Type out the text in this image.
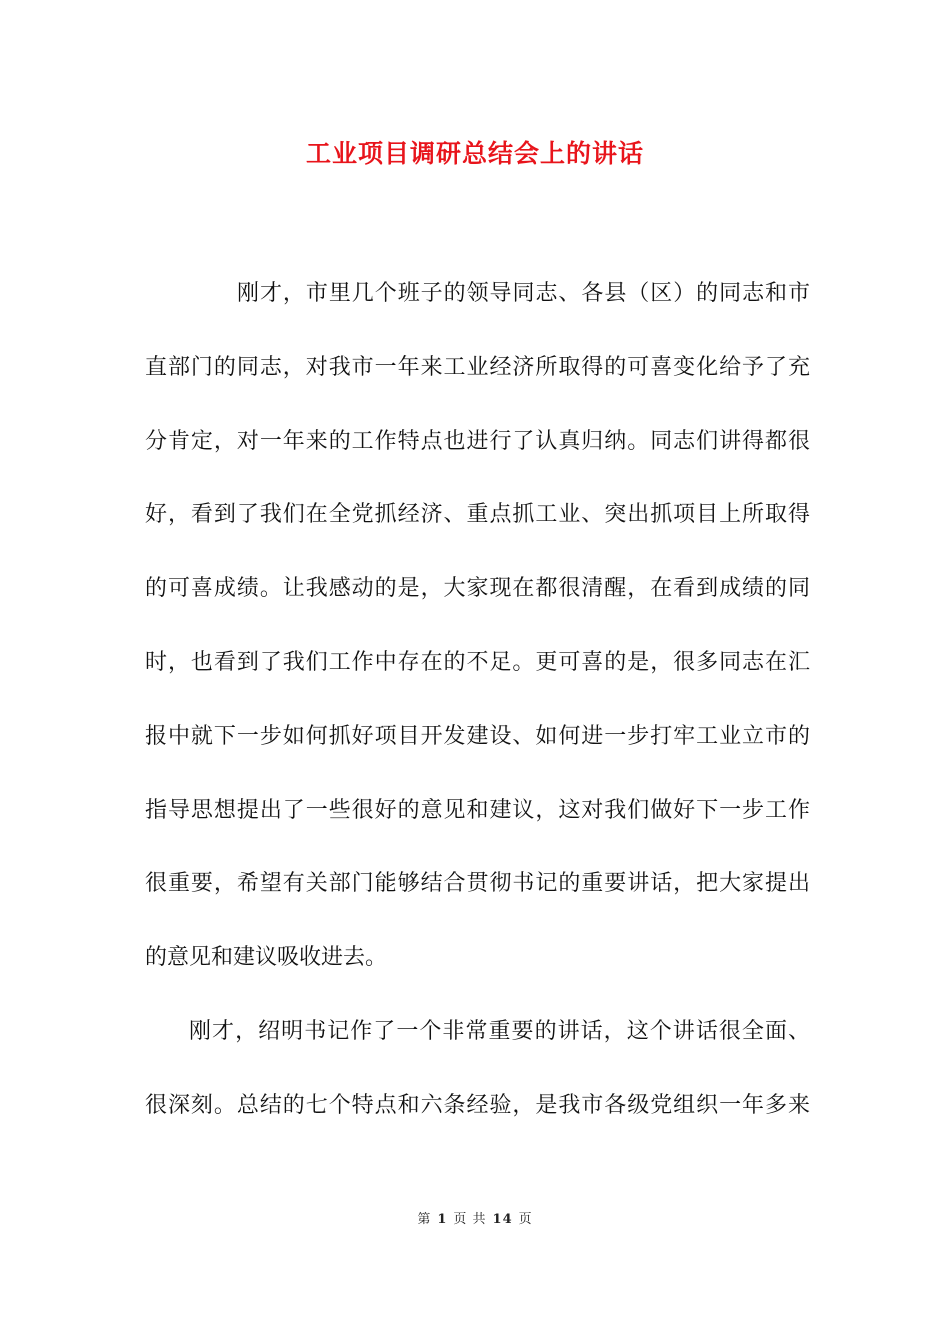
工业项目调研总结会上的讲话
刚才，市里几个班子的领导同志、各县（区）的同志和市
直部门的同志，对我市一年来工业经济所取得的可喜变化给予了充
分肯定，对一年来的工作特点也进行了认真归纳。同志们讲得都很
好，看到了我们在全党抓经济、重点抓工业、突出抓项目上所取得
的可喜成绩。让我感动的是，大家现在都很清醒，在看到成绩的同
时，也看到了我们工作中存在的不足。更可喜的是，很多同志在汇
报中就下一步如何抓好项目开发建设、如何进一步打牢工业立市的
指导思想提出了一些很好的意见和建议，这对我们做好下一步工作
很重要，希望有关部门能够结合贯彻书记的重要讲话，把大家提出
的意见和建议吸收进去。
刚才，绍明书记作了一个非常重要的讲话，这个讲话很全面、
很深刻。总结的七个特点和六条经验，是我市各级党组织一年多来
第 1 页 共 14 页
